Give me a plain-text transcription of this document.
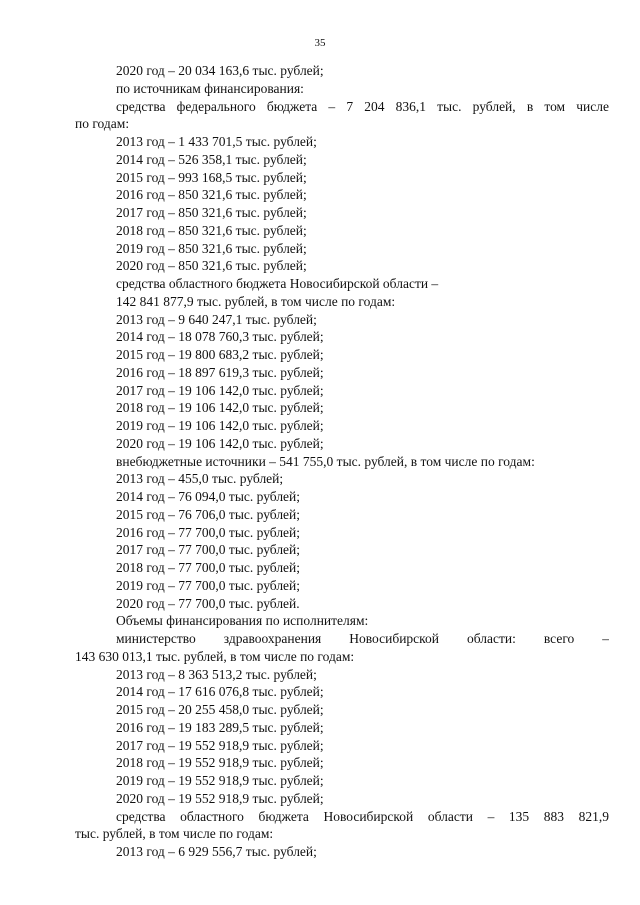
35
2020 год – 20 034 163,6 тыс. рублей;
по источникам финансирования:
средства федерального бюджета – 7 204 836,1 тыс. рублей, в том числе
по годам:
2013 год – 1 433 701,5 тыс. рублей;
2014 год – 526 358,1 тыс. рублей;
2015 год – 993 168,5 тыс. рублей;
2016 год – 850 321,6 тыс. рублей;
2017 год – 850 321,6 тыс. рублей;
2018 год – 850 321,6 тыс. рублей;
2019 год – 850 321,6 тыс. рублей;
2020 год – 850 321,6 тыс. рублей;
средства областного бюджета Новосибирской области –
142 841 877,9 тыс. рублей, в том числе по годам:
2013 год – 9 640 247,1 тыс. рублей;
2014 год – 18 078 760,3 тыс. рублей;
2015 год – 19 800 683,2 тыс. рублей;
2016 год – 18 897 619,3 тыс. рублей;
2017 год – 19 106 142,0 тыс. рублей;
2018 год – 19 106 142,0 тыс. рублей;
2019 год – 19 106 142,0 тыс. рублей;
2020 год – 19 106 142,0 тыс. рублей;
внебюджетные источники – 541 755,0 тыс. рублей, в том числе по годам:
2013 год – 455,0 тыс. рублей;
2014 год – 76 094,0 тыс. рублей;
2015 год – 76 706,0 тыс. рублей;
2016 год – 77 700,0 тыс. рублей;
2017 год – 77 700,0 тыс. рублей;
2018 год – 77 700,0 тыс. рублей;
2019 год – 77 700,0 тыс. рублей;
2020 год – 77 700,0 тыс. рублей.
Объемы финансирования по исполнителям:
министерство здравоохранения Новосибирской области: всего –
143 630 013,1 тыс. рублей, в том числе по годам:
2013 год – 8 363 513,2 тыс. рублей;
2014 год – 17 616 076,8 тыс. рублей;
2015 год – 20 255 458,0 тыс. рублей;
2016 год – 19 183 289,5 тыс. рублей;
2017 год – 19 552 918,9 тыс. рублей;
2018 год – 19 552 918,9 тыс. рублей;
2019 год – 19 552 918,9 тыс. рублей;
2020 год – 19 552 918,9 тыс. рублей;
средства областного бюджета Новосибирской области – 135 883 821,9
тыс. рублей, в том числе по годам:
2013 год – 6 929 556,7 тыс. рублей;
